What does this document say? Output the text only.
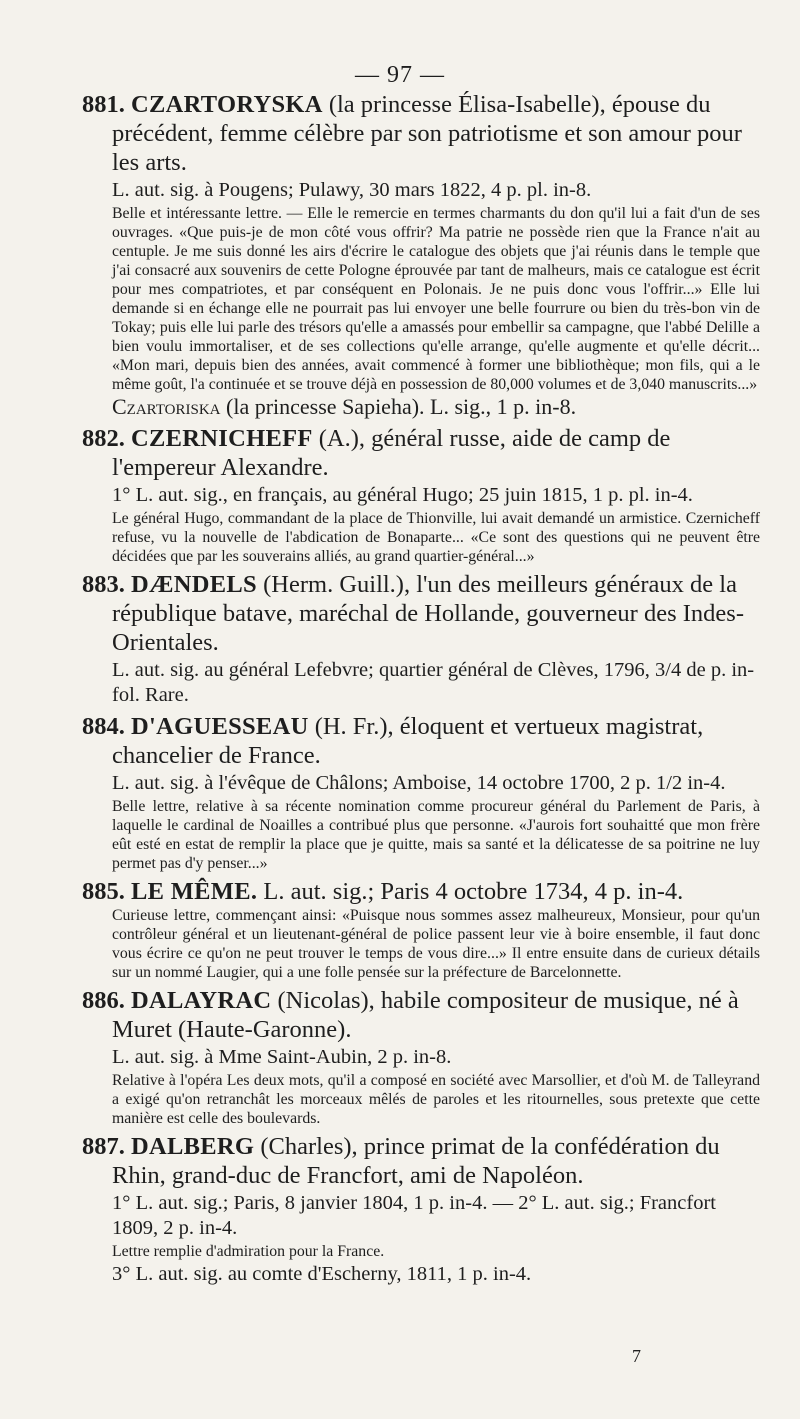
— 97 —
881. CZARTORYSKA (la princesse Élisa-Isabelle), épouse du précédent, femme célèbre par son patriotisme et son amour pour les arts.
L. aut. sig. à Pougens; Pulawy, 30 mars 1822, 4 p. pl. in-8.
Belle et intéressante lettre. — Elle le remercie en termes charmants du don qu'il lui a fait d'un de ses ouvrages. «Que puis-je de mon côté vous offrir? Ma patrie ne possède rien que la France n'ait au centuple. Je me suis donné les airs d'écrire le catalogue des objets que j'ai réunis dans le temple que j'ai consacré aux souvenirs de cette Pologne éprouvée par tant de malheurs, mais ce catalogue est écrit pour mes compatriotes, et par conséquent en Polonais. Je ne puis donc vous l'offrir...» Elle lui demande si en échange elle ne pourrait pas lui envoyer une belle fourrure ou bien du très-bon vin de Tokay; puis elle lui parle des trésors qu'elle a amassés pour embellir sa campagne, que l'abbé Delille a bien voulu immortaliser, et de ses collections qu'elle arrange, qu'elle augmente et qu'elle décrit... «Mon mari, depuis bien des années, avait commencé à former une bibliothèque; mon fils, qui a le même goût, l'a continuée et se trouve déjà en possession de 80,000 volumes et de 3,040 manuscrits...»
Czartoriska (la princesse Sapieha). L. sig., 1 p. in-8.
882. CZERNICHEFF (A.), général russe, aide de camp de l'empereur Alexandre.
1° L. aut. sig., en français, au général Hugo; 25 juin 1815, 1 p. pl. in-4.
Le général Hugo, commandant de la place de Thionville, lui avait demandé un armistice. Czernicheff refuse, vu la nouvelle de l'abdication de Bonaparte... «Ce sont des questions qui ne peuvent être décidées que par les souverains alliés, au grand quartier-général...»
883. DÆNDELS (Herm. Guill.), l'un des meilleurs généraux de la république batave, maréchal de Hollande, gouverneur des Indes-Orientales.
L. aut. sig. au général Lefebvre; quartier général de Clèves, 1796, 3/4 de p. in-fol. Rare.
884. D'AGUESSEAU (H. Fr.), éloquent et vertueux magistrat, chancelier de France.
L. aut. sig. à l'évêque de Châlons; Amboise, 14 octobre 1700, 2 p. 1/2 in-4.
Belle lettre, relative à sa récente nomination comme procureur général du Parlement de Paris, à laquelle le cardinal de Noailles a contribué plus que personne. «J'aurois fort souhaitté que mon frère eût esté en estat de remplir la place que je quitte, mais sa santé et la délicatesse de sa poitrine ne luy permet pas d'y penser...»
885. LE MÊME. L. aut. sig.; Paris 4 octobre 1734, 4 p. in-4.
Curieuse lettre, commençant ainsi: «Puisque nous sommes assez malheureux, Monsieur, pour qu'un contrôleur général et un lieutenant-général de police passent leur vie à boire ensemble, il faut donc vous écrire ce qu'on ne peut trouver le temps de vous dire...» Il entre ensuite dans de curieux détails sur un nommé Laugier, qui a une folle pensée sur la préfecture de Barcelonnette.
886. DALAYRAC (Nicolas), habile compositeur de musique, né à Muret (Haute-Garonne).
L. aut. sig. à Mme Saint-Aubin, 2 p. in-8.
Relative à l'opéra Les deux mots, qu'il a composé en société avec Marsollier, et d'où M. de Talleyrand a exigé qu'on retranchât les morceaux mêlés de paroles et les ritournelles, sous pretexte que cette manière est celle des boulevards.
887. DALBERG (Charles), prince primat de la confédération du Rhin, grand-duc de Francfort, ami de Napoléon.
1° L. aut. sig.; Paris, 8 janvier 1804, 1 p. in-4. — 2° L. aut. sig.; Francfort 1809, 2 p. in-4.
Lettre remplie d'admiration pour la France.
3° L. aut. sig. au comte d'Escherny, 1811, 1 p. in-4.
7
